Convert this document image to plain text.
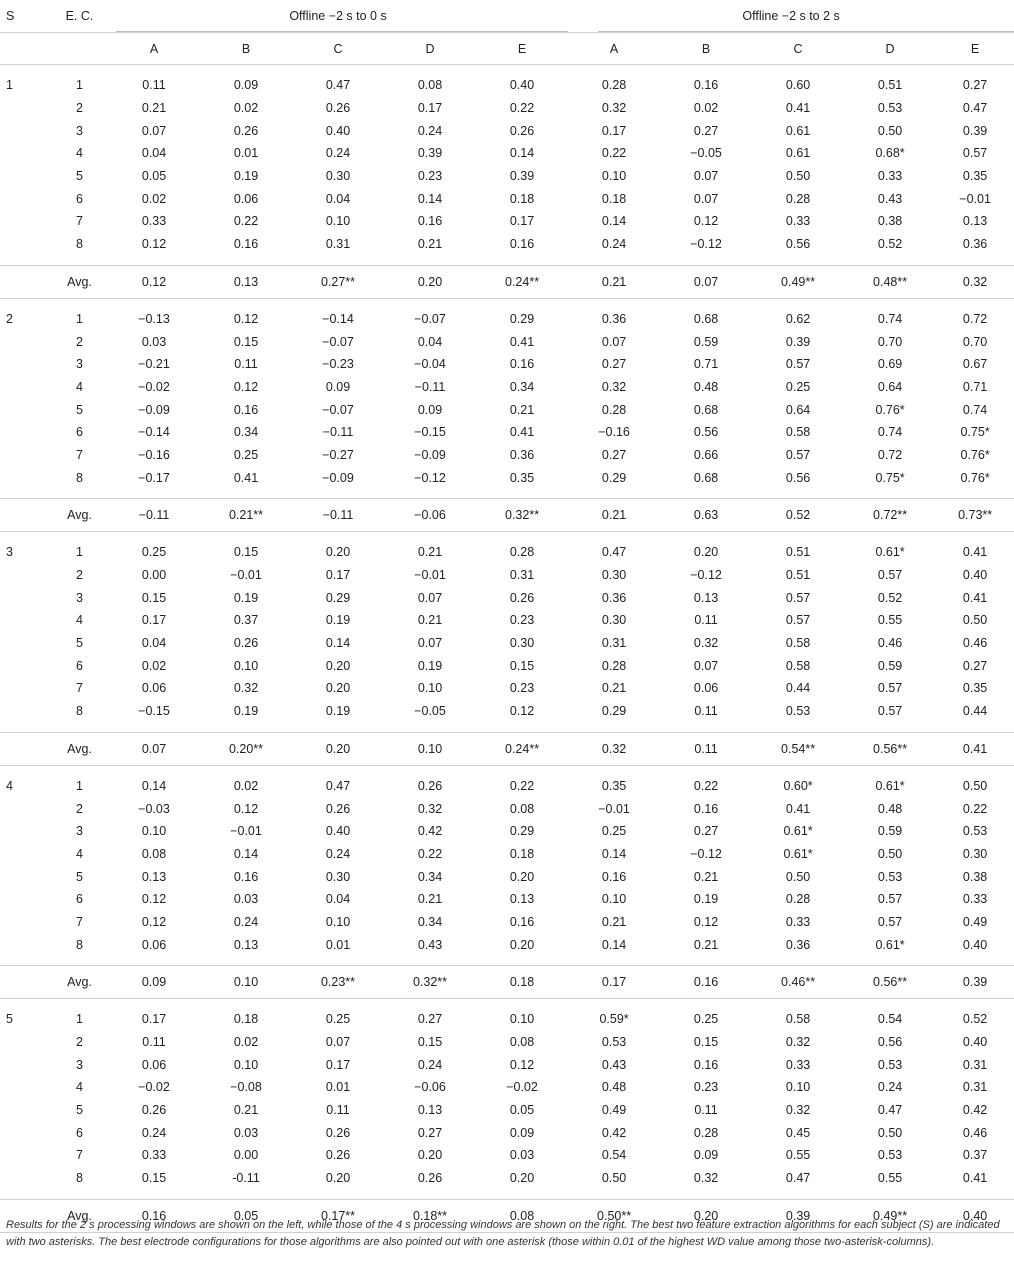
S	E. C.	Offline −2 s to 0 s					Offline −2 s to 2 s				

		A	B	C	D	E	A	B	C	D	E

1	1	0.11	0.09	0.47	0.08	0.40	0.28	0.16	0.60	0.51	0.27
	2	0.21	0.02	0.26	0.17	0.22	0.32	0.02	0.41	0.53	0.47
	3	0.07	0.26	0.40	0.24	0.26	0.17	0.27	0.61	0.50	0.39
	4	0.04	0.01	0.24	0.39	0.14	0.22	−0.05	0.61	0.68*	0.57
	5	0.05	0.19	0.30	0.23	0.39	0.10	0.07	0.50	0.33	0.35
	6	0.02	0.06	0.04	0.14	0.18	0.18	0.07	0.28	0.43	−0.01
	7	0.33	0.22	0.10	0.16	0.17	0.14	0.12	0.33	0.38	0.13
	8	0.12	0.16	0.31	0.21	0.16	0.24	−0.12	0.56	0.52	0.36

	Avg.	0.12	0.13	0.27**	0.20	0.24**	0.21	0.07	0.49**	0.48**	0.32

2	1	−0.13	0.12	−0.14	−0.07	0.29	0.36	0.68	0.62	0.74	0.72
	2	0.03	0.15	−0.07	0.04	0.41	0.07	0.59	0.39	0.70	0.70
	3	−0.21	0.11	−0.23	−0.04	0.16	0.27	0.71	0.57	0.69	0.67
	4	−0.02	0.12	0.09	−0.11	0.34	0.32	0.48	0.25	0.64	0.71
	5	−0.09	0.16	−0.07	0.09	0.21	0.28	0.68	0.64	0.76*	0.74
	6	−0.14	0.34	−0.11	−0.15	0.41	−0.16	0.56	0.58	0.74	0.75*
	7	−0.16	0.25	−0.27	−0.09	0.36	0.27	0.66	0.57	0.72	0.76*
	8	−0.17	0.41	−0.09	−0.12	0.35	0.29	0.68	0.56	0.75*	0.76*

	Avg.	−0.11	0.21**	−0.11	−0.06	0.32**	0.21	0.63	0.52	0.72**	0.73**

3	1	0.25	0.15	0.20	0.21	0.28	0.47	0.20	0.51	0.61*	0.41
	2	0.00	−0.01	0.17	−0.01	0.31	0.30	−0.12	0.51	0.57	0.40
	3	0.15	0.19	0.29	0.07	0.26	0.36	0.13	0.57	0.52	0.41
	4	0.17	0.37	0.19	0.21	0.23	0.30	0.11	0.57	0.55	0.50
	5	0.04	0.26	0.14	0.07	0.30	0.31	0.32	0.58	0.46	0.46
	6	0.02	0.10	0.20	0.19	0.15	0.28	0.07	0.58	0.59	0.27
	7	0.06	0.32	0.20	0.10	0.23	0.21	0.06	0.44	0.57	0.35
	8	−0.15	0.19	0.19	−0.05	0.12	0.29	0.11	0.53	0.57	0.44

	Avg.	0.07	0.20**	0.20	0.10	0.24**	0.32	0.11	0.54**	0.56**	0.41

4	1	0.14	0.02	0.47	0.26	0.22	0.35	0.22	0.60*	0.61*	0.50
	2	−0.03	0.12	0.26	0.32	0.08	−0.01	0.16	0.41	0.48	0.22
	3	0.10	−0.01	0.40	0.42	0.29	0.25	0.27	0.61*	0.59	0.53
	4	0.08	0.14	0.24	0.22	0.18	0.14	−0.12	0.61*	0.50	0.30
	5	0.13	0.16	0.30	0.34	0.20	0.16	0.21	0.50	0.53	0.38
	6	0.12	0.03	0.04	0.21	0.13	0.10	0.19	0.28	0.57	0.33
	7	0.12	0.24	0.10	0.34	0.16	0.21	0.12	0.33	0.57	0.49
	8	0.06	0.13	0.01	0.43	0.20	0.14	0.21	0.36	0.61*	0.40

	Avg.	0.09	0.10	0.23**	0.32**	0.18	0.17	0.16	0.46**	0.56**	0.39

5	1	0.17	0.18	0.25	0.27	0.10	0.59*	0.25	0.58	0.54	0.52
	2	0.11	0.02	0.07	0.15	0.08	0.53	0.15	0.32	0.56	0.40
	3	0.06	0.10	0.17	0.24	0.12	0.43	0.16	0.33	0.53	0.31
	4	−0.02	−0.08	0.01	−0.06	−0.02	0.48	0.23	0.10	0.24	0.31
	5	0.26	0.21	0.11	0.13	0.05	0.49	0.11	0.32	0.47	0.42
	6	0.24	0.03	0.26	0.27	0.09	0.42	0.28	0.45	0.50	0.46
	7	0.33	0.00	0.26	0.20	0.03	0.54	0.09	0.55	0.53	0.37
	8	0.15	-0.11	0.20	0.26	0.20	0.50	0.32	0.47	0.55	0.41

	Avg.	0.16	0.05	0.17**	0.18**	0.08	0.50**	0.20	0.39	0.49**	0.40
Results for the 2 s processing windows are shown on the left, while those of the 4 s processing windows are shown on the right. The best two feature extraction algorithms for each subject (S) are indicated with two asterisks. The best electrode configurations for those algorithms are also pointed out with one asterisk (those within 0.01 of the highest WD value among those two-asterisk-columns).
